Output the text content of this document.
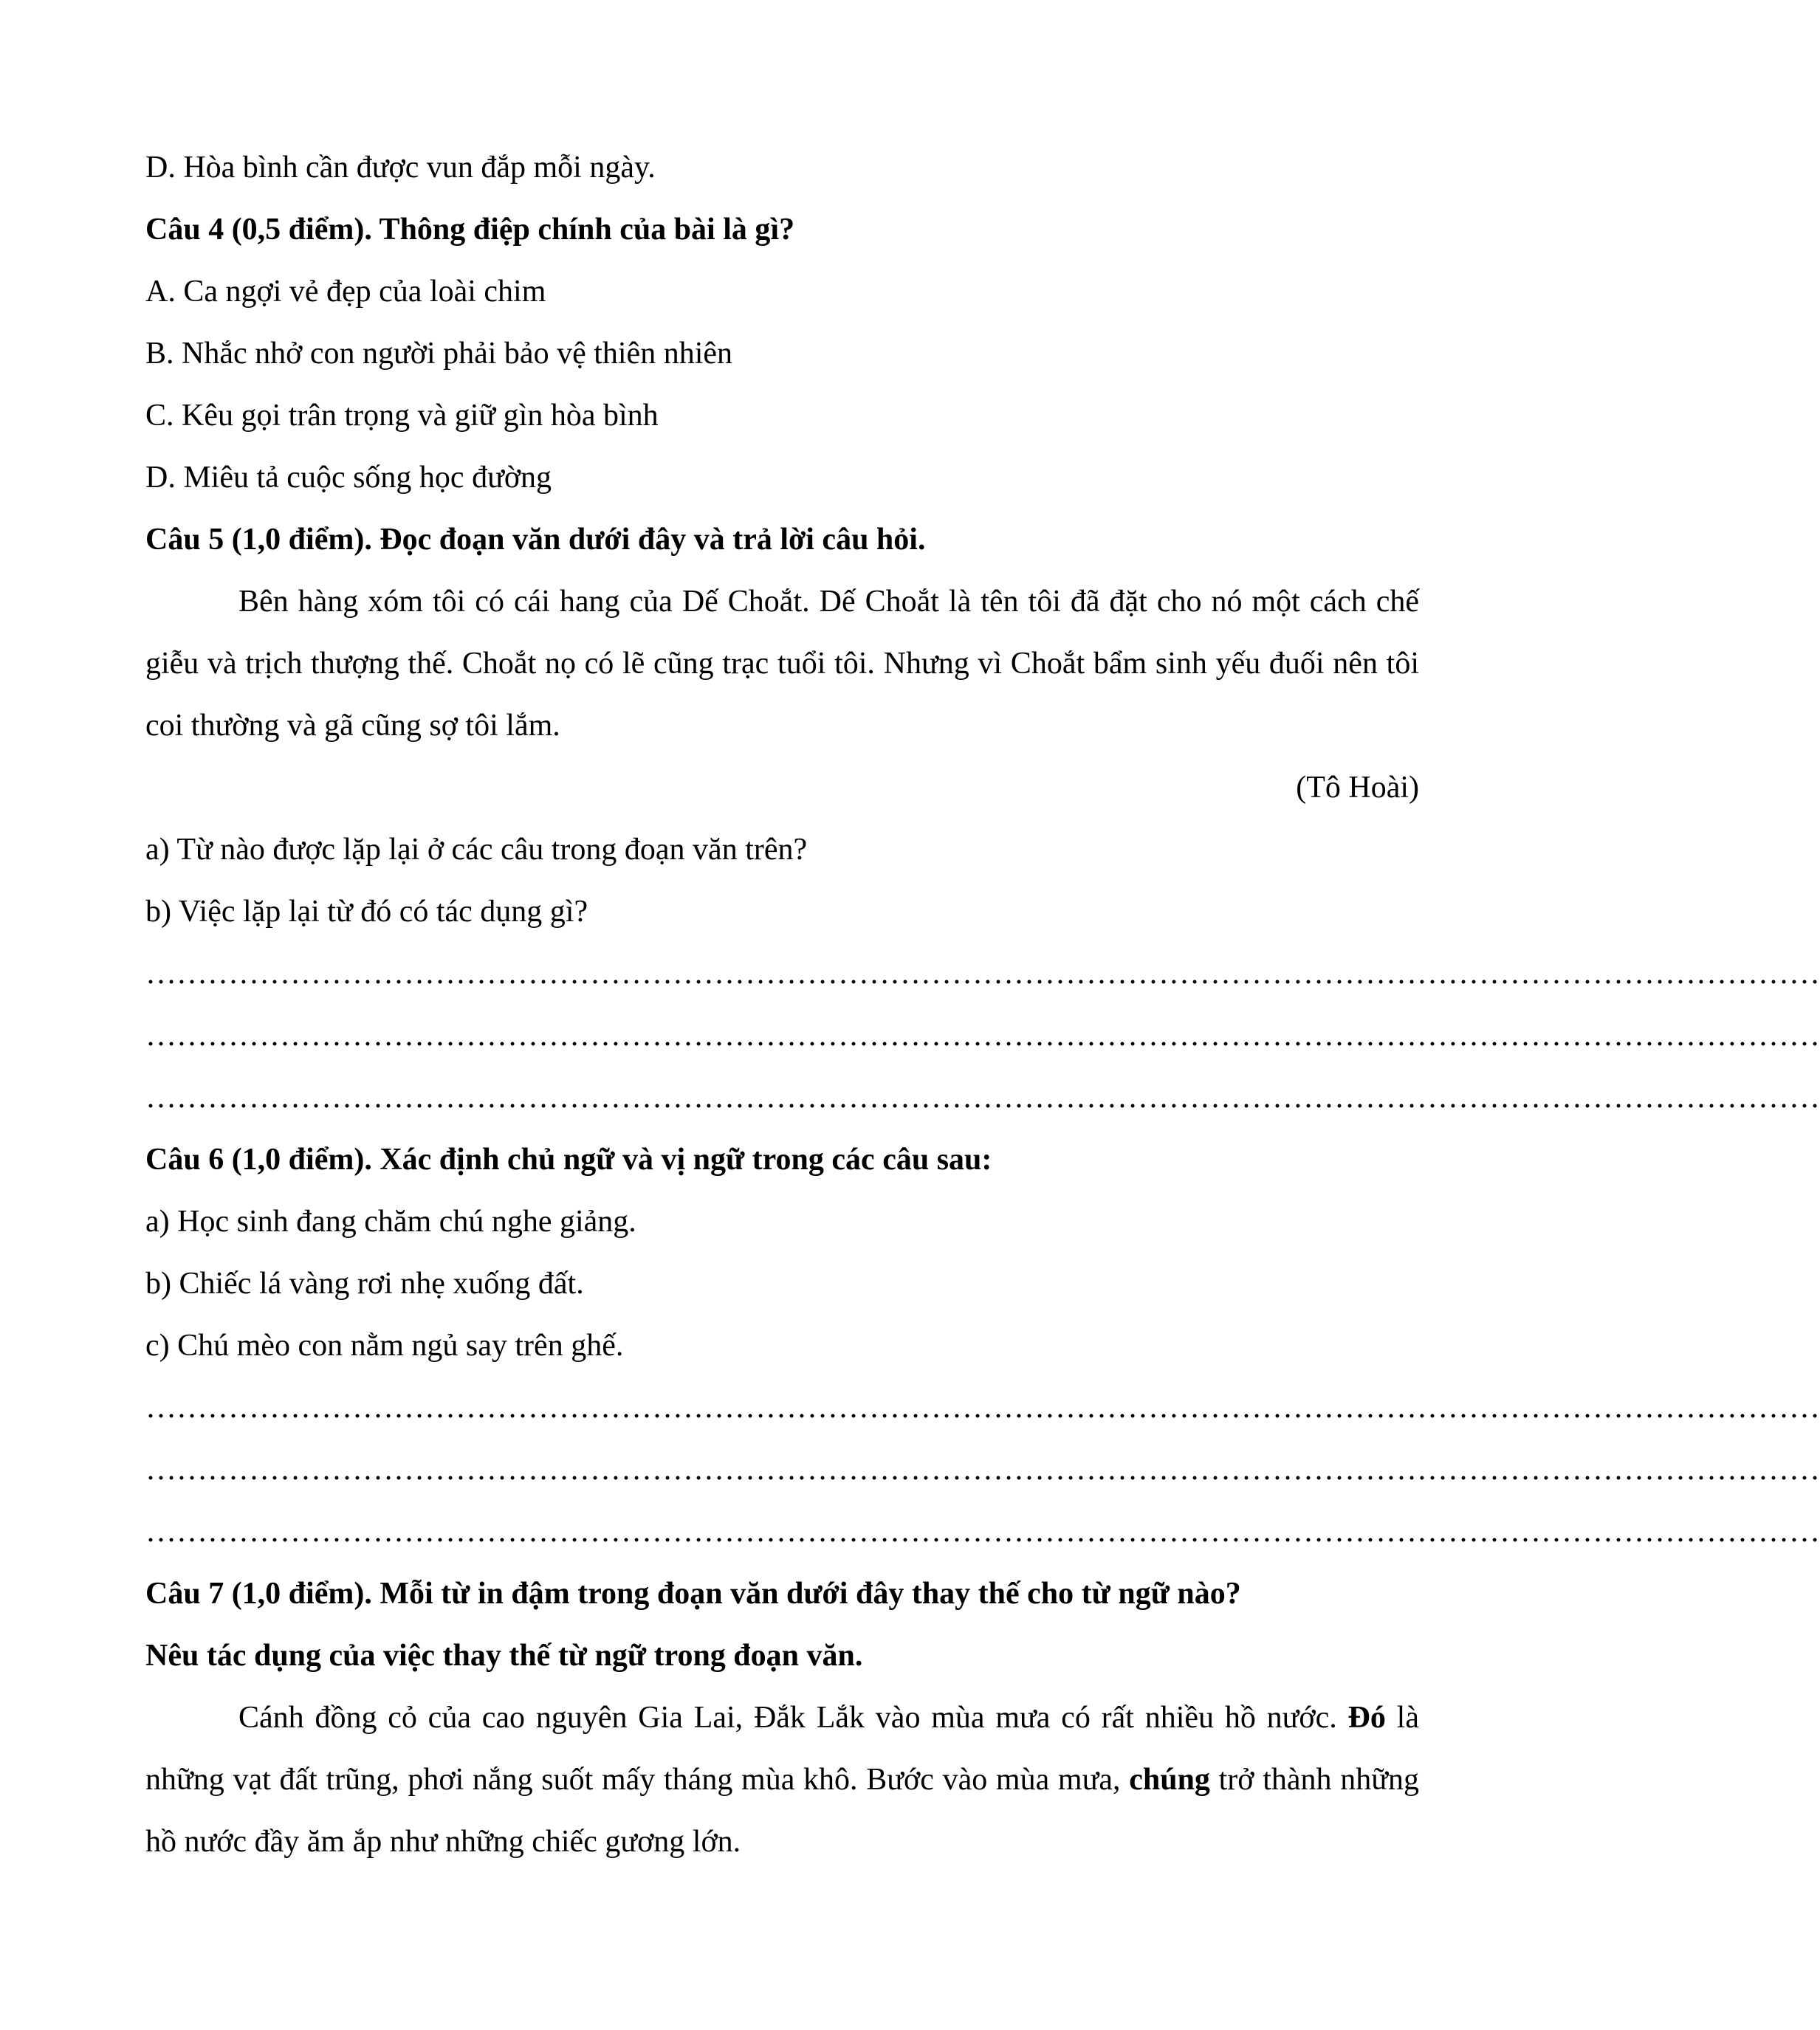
D. Hòa bình cần được vun đắp mỗi ngày.
Câu 4 (0,5 điểm). Thông điệp chính của bài là gì?
A. Ca ngợi vẻ đẹp của loài chim
B. Nhắc nhở con người phải bảo vệ thiên nhiên
C. Kêu gọi trân trọng và giữ gìn hòa bình
D. Miêu tả cuộc sống học đường
Câu 5 (1,0 điểm). Đọc đoạn văn dưới đây và trả lời câu hỏi.
Bên hàng xóm tôi có cái hang của Dế Choắt. Dế Choắt là tên tôi đã đặt cho nó một cách chế giễu và trịch thượng thế. Choắt nọ có lẽ cũng trạc tuổi tôi. Nhưng vì Choắt bẩm sinh yếu đuối nên tôi coi thường và gã cũng sợ tôi lắm.
(Tô Hoài)
a) Từ nào được lặp lại ở các câu trong đoạn văn trên?
b) Việc lặp lại từ đó có tác dụng gì?
………………………………………………………………………………………………………………………………………………
………………………………………………………………………………………………………………………………………………
………………………………………………………………………………………………………………………………………………
Câu 6 (1,0 điểm). Xác định chủ ngữ và vị ngữ trong các câu sau:
a) Học sinh đang chăm chú nghe giảng.
b) Chiếc lá vàng rơi nhẹ xuống đất.
c) Chú mèo con nằm ngủ say trên ghế.
………………………………………………………………………………………………………………………………………………
………………………………………………………………………………………………………………………………………………
………………………………………………………………………………………………………………………………………………
Câu 7 (1,0 điểm). Mỗi từ in đậm trong đoạn văn dưới đây thay thế cho từ ngữ nào?
Nêu tác dụng của việc thay thế từ ngữ trong đoạn văn.
Cánh đồng cỏ của cao nguyên Gia Lai, Đắk Lắk vào mùa mưa có rất nhiều hồ nước. Đó là những vạt đất trũng, phơi nắng suốt mấy tháng mùa khô. Bước vào mùa mưa, chúng trở thành những hồ nước đầy ăm ắp như những chiếc gương lớn.
